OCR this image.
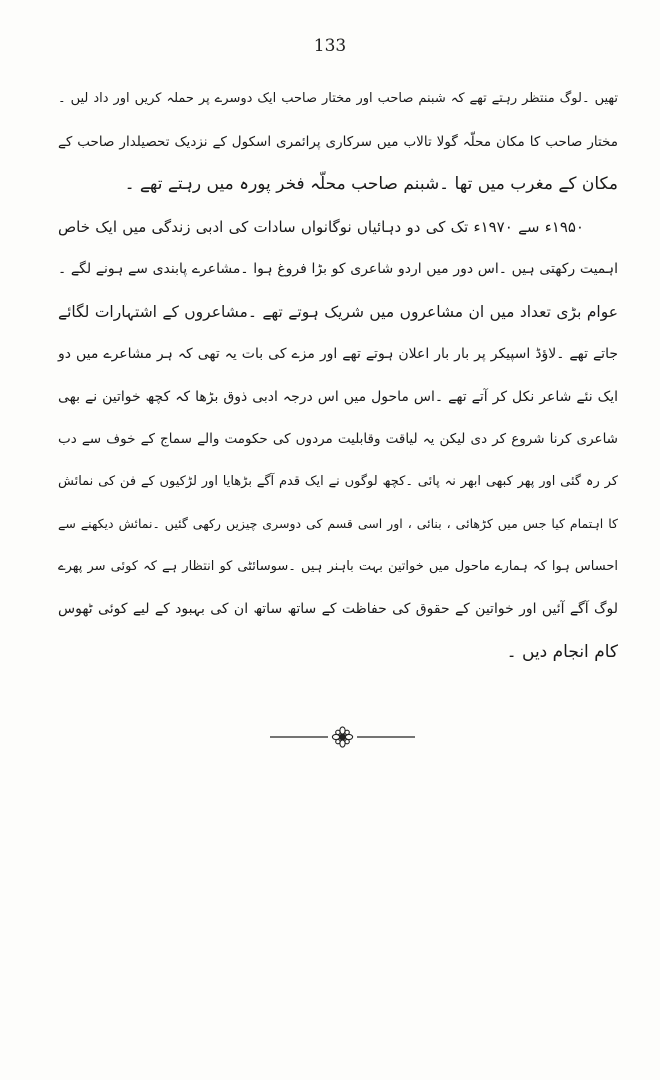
133
تھیں ۔لوگ منتظر رہتے تھے کہ شبنم صاحب اور مختار صاحب ایک دوسرے پر حملہ کریں اور داد لیں ۔
مختار صاحب کا مکان محلّہ گولا تالاب میں سرکاری پرائمری اسکول کے نزدیک تحصیلدار صاحب کے
مکان کے مغرب میں تھا ۔شبنم صاحب محلّہ فخر پورہ میں رہتے تھے ۔
۱۹۵۰ء سے ۱۹۷۰ء تک کی دو دہائیاں نوگانواں سادات کی ادبی زندگی میں ایک خاص
اہمیت رکھتی ہیں ۔اس دور میں اردو شاعری کو بڑا فروغ ہوا ۔مشاعرے پابندی سے ہونے لگے ۔
عوام بڑی تعداد میں ان مشاعروں میں شریک ہوتے تھے ۔مشاعروں کے اشتہارات لگائے
جاتے تھے ۔لاؤڈ اسپیکر پر بار بار اعلان ہوتے تھے اور مزے کی بات یہ تھی کہ ہر مشاعرے میں دو
ایک نئے شاعر نکل کر آتے تھے ۔اس ماحول میں اس درجہ ادبی ذوق بڑھا کہ کچھ خواتین نے بھی
شاعری کرنا شروع کر دی لیکن یہ لیاقت وقابلیت مردوں کی حکومت والے سماج کے خوف سے دب
کر رہ گئی اور پھر کبھی ابھر نہ پائی ۔کچھ لوگوں نے ایک قدم آگے بڑھایا اور لڑکیوں کے فن کی نمائش
کا اہتمام کیا جس میں کڑھائی ، بنائی ، اور اسی قسم کی دوسری چیزیں رکھی گئیں ۔نمائش دیکھنے سے
احساس ہوا کہ ہمارے ماحول میں خواتین بہت باہنر ہیں ۔سوسائٹی کو انتظار ہے کہ کوئی سر پھرے
لوگ آگے آئیں اور خواتین کے حقوق کی حفاظت کے ساتھ ساتھ ان کی بہبود کے لیے کوئی ٹھوس
کام انجام دیں ۔
